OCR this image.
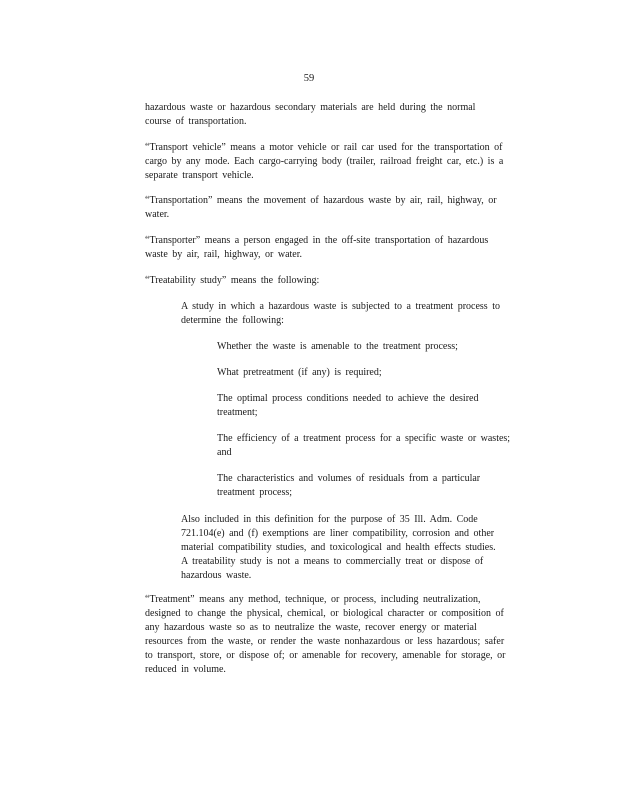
59

hazardous waste or hazardous secondary materials are held during the normal
course of transportation.

“Transport vehicle” means a motor vehicle or rail car used for the transportation of
cargo by any mode. Each cargo-carrying body (trailer, railroad freight car, etc.) is a
separate transport vehicle.

“Transportation” means the movement of hazardous waste by air, rail, highway, or
water.

“Transporter” means a person engaged in the off-site transportation of hazardous
waste by air, rail, highway, or water.

“Treatability study” means the following:

A study in which a hazardous waste is subjected to a treatment process to
determine the following:

Whether the waste is amenable to the treatment process;

What pretreatment (if any) is required;

The optimal process conditions needed to achieve the desired
treatment;

The efficiency of a treatment process for a specific waste or wastes;
and

The characteristics and volumes of residuals from a particular
treatment process;

Also included in this definition for the purpose of 35 Ill. Adm. Code
721.104(e) and (f) exemptions are liner compatibility, corrosion and other
material compatibility studies, and toxicological and health effects studies.
A treatability study is not a means to commercially treat or dispose of
hazardous waste.

“Treatment” means any method, technique, or process, including neutralization,
designed to change the physical, chemical, or biological character or composition of
any hazardous waste so as to neutralize the waste, recover energy or material
resources from the waste, or render the waste nonhazardous or less hazardous; safer
to transport, store, or dispose of; or amenable for recovery, amenable for storage, or
reduced in volume.
